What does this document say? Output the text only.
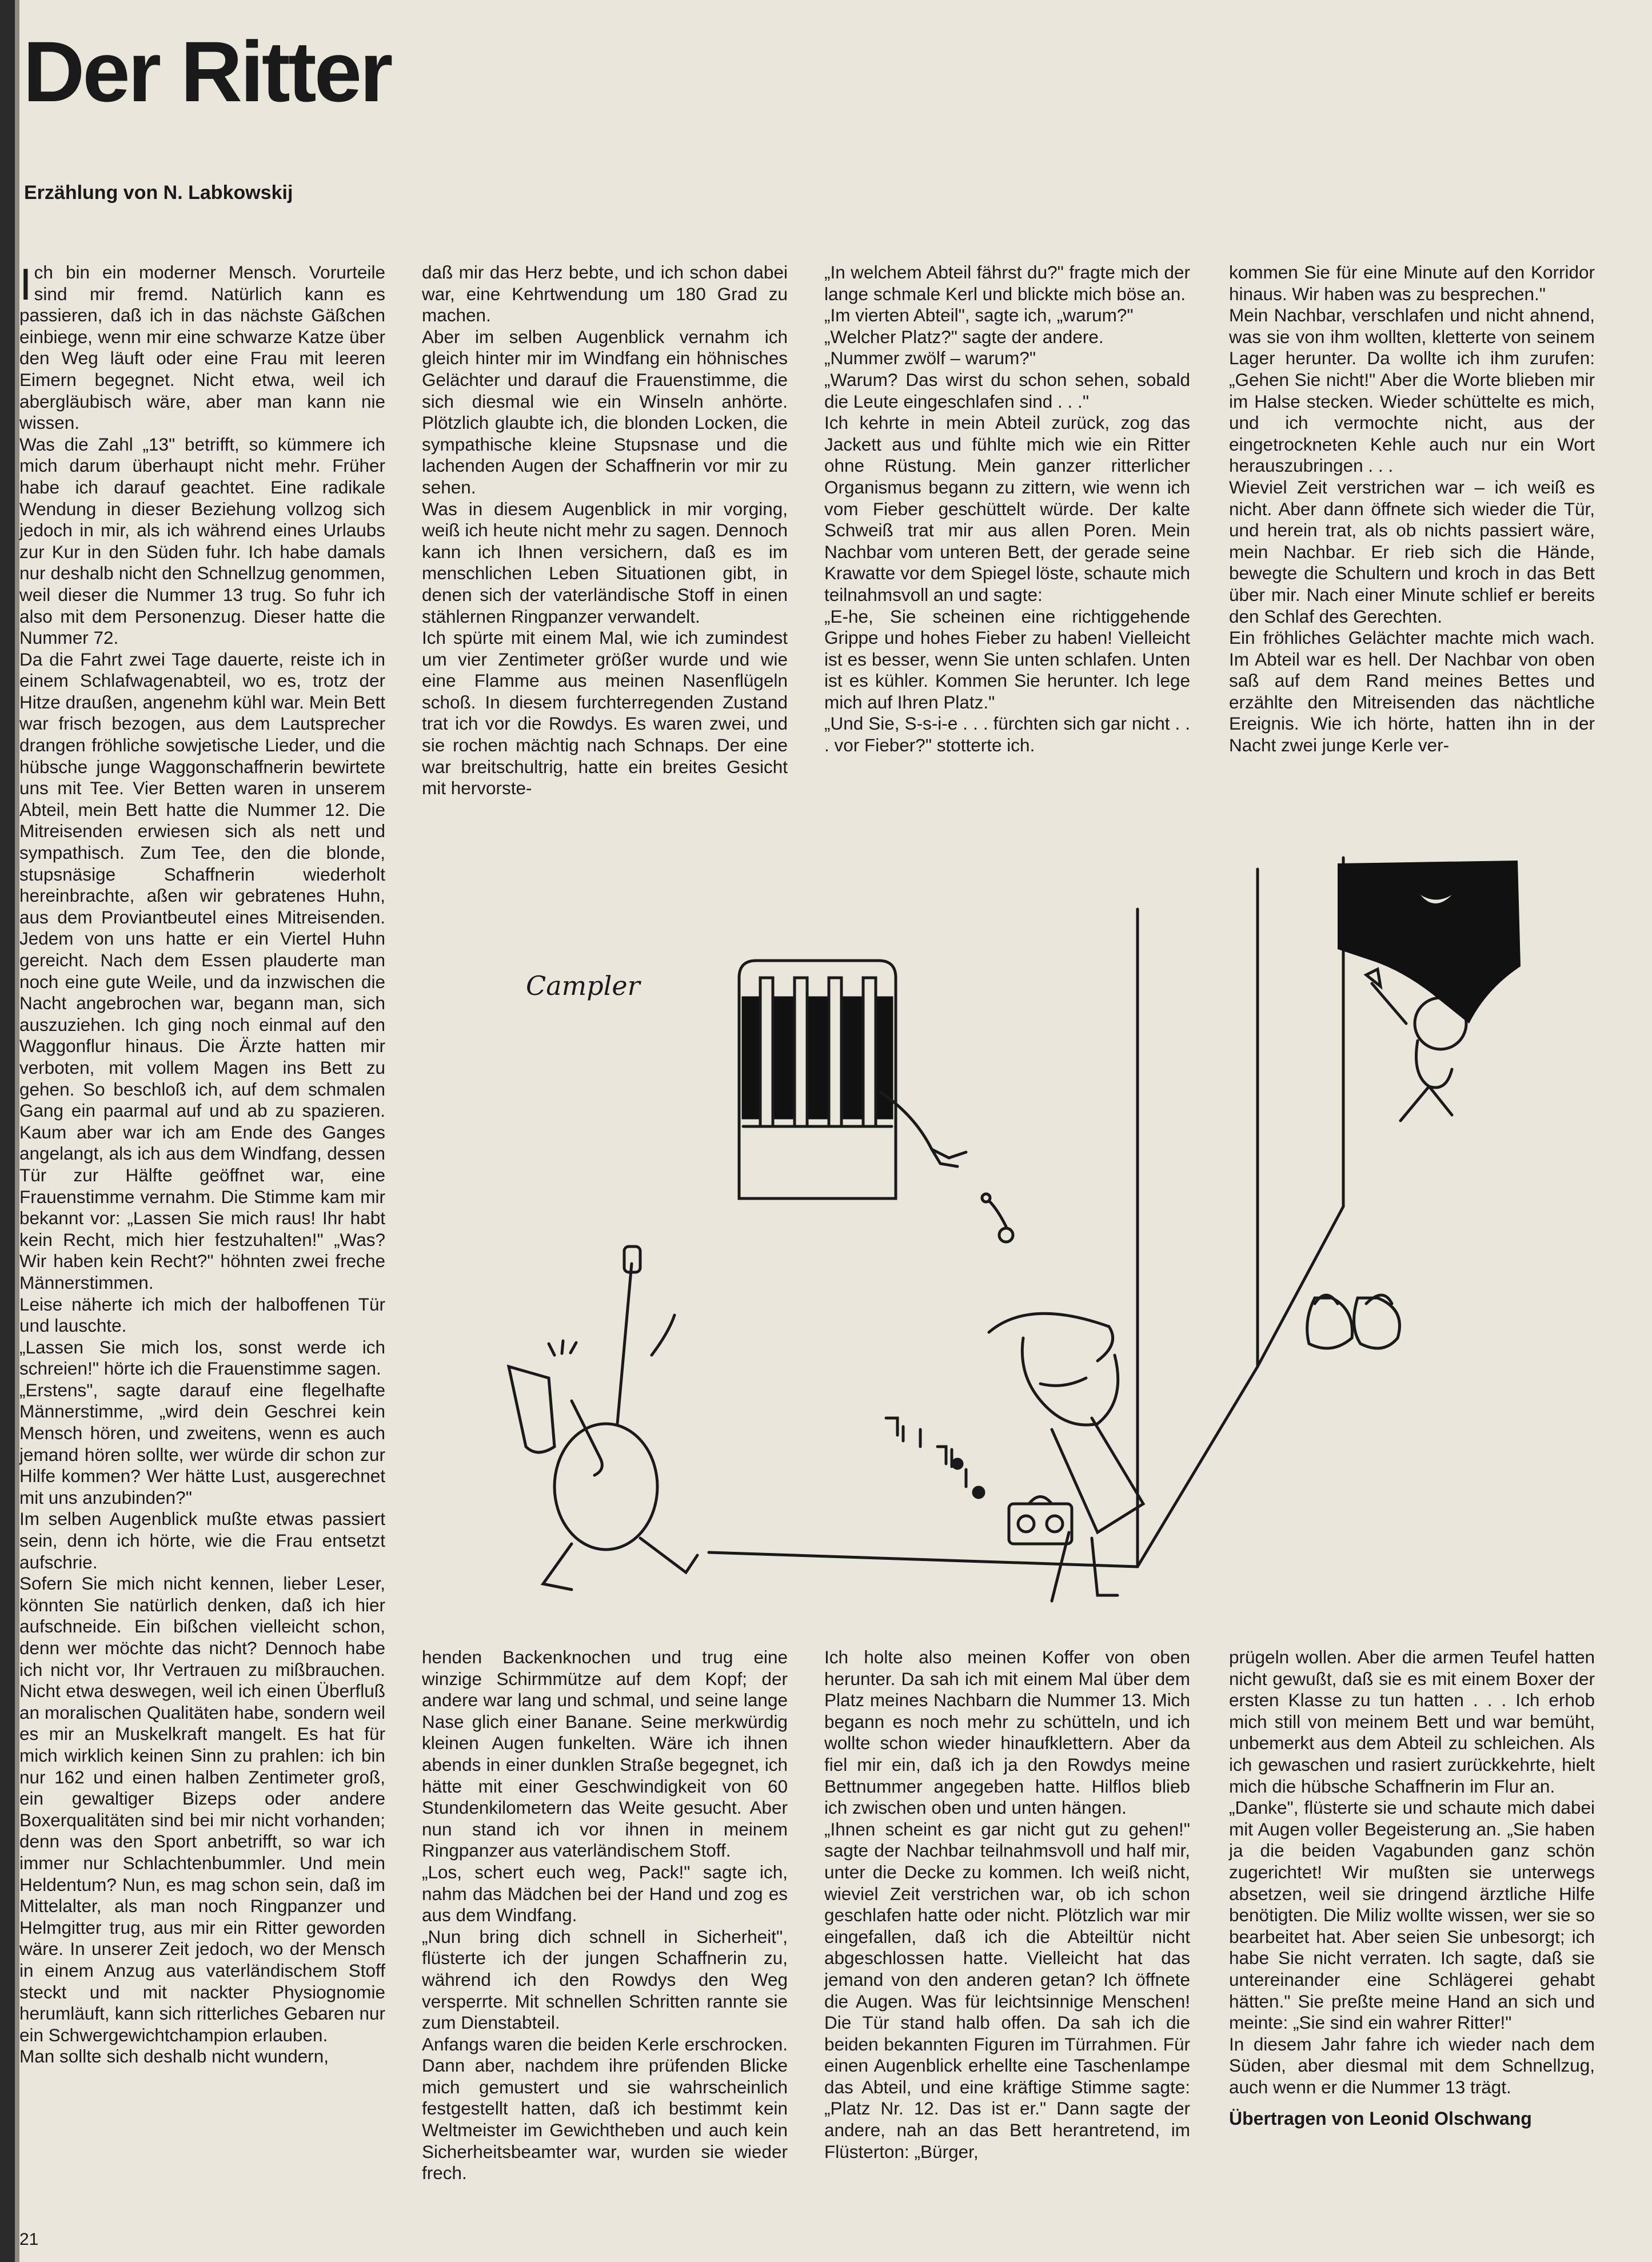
Der Ritter
Erzählung von N. Labkowskij

Ich bin ein moderner Mensch. Vorurteile sind mir fremd. Natürlich kann es passieren, daß ich in das nächste Gäßchen einbiege, wenn mir eine schwarze Katze über den Weg läuft oder eine Frau mit leeren Eimern begegnet. Nicht etwa, weil ich abergläubisch wäre, aber man kann nie wissen.

Was die Zahl „13" betrifft, so kümmere ich mich darum überhaupt nicht mehr. Früher habe ich darauf geachtet. Eine radikale Wendung in dieser Beziehung vollzog sich jedoch in mir, als ich während eines Urlaubs zur Kur in den Süden fuhr. Ich habe damals nur deshalb nicht den Schnellzug genommen, weil dieser die Nummer 13 trug. So fuhr ich also mit dem Personenzug. Dieser hatte die Nummer 72.

Da die Fahrt zwei Tage dauerte, reiste ich in einem Schlafwagenabteil, wo es, trotz der Hitze draußen, angenehm kühl war. Mein Bett war frisch bezogen, aus dem Lautsprecher drangen fröhliche sowjetische Lieder, und die hübsche junge Waggonschaffnerin bewirtete uns mit Tee. Vier Betten waren in unserem Abteil, mein Bett hatte die Nummer 12. Die Mitreisenden erwiesen sich als nett und sympathisch. Zum Tee, den die blonde, stupsnäsige Schaffnerin wiederholt hereinbrachte, aßen wir gebratenes Huhn, aus dem Proviantbeutel eines Mitreisenden. Jedem von uns hatte er ein Viertel Huhn gereicht. Nach dem Essen plauderte man noch eine gute Weile, und da inzwischen die Nacht angebrochen war, begann man, sich auszuziehen. Ich ging noch einmal auf den Waggonflur hinaus. Die Ärzte hatten mir verboten, mit vollem Magen ins Bett zu gehen. So beschloß ich, auf dem schmalen Gang ein paarmal auf und ab zu spazieren. Kaum aber war ich am Ende des Ganges angelangt, als ich aus dem Windfang, dessen Tür zur Hälfte geöffnet war, eine Frauenstimme vernahm. Die Stimme kam mir bekannt vor: „Lassen Sie mich raus! Ihr habt kein Recht, mich hier festzuhalten!" „Was? Wir haben kein Recht?" höhnten zwei freche Männerstimmen.

Leise näherte ich mich der halboffenen Tür und lauschte.

„Lassen Sie mich los, sonst werde ich schreien!" hörte ich die Frauenstimme sagen.

„Erstens", sagte darauf eine flegelhafte Männerstimme, „wird dein Geschrei kein Mensch hören, und zweitens, wenn es auch jemand hören sollte, wer würde dir schon zur Hilfe kommen? Wer hätte Lust, ausgerechnet mit uns anzubinden?"

Im selben Augenblick mußte etwas passiert sein, denn ich hörte, wie die Frau entsetzt aufschrie.

Sofern Sie mich nicht kennen, lieber Leser, könnten Sie natürlich denken, daß ich hier aufschneide. Ein bißchen vielleicht schon, denn wer möchte das nicht? Dennoch habe ich nicht vor, Ihr Vertrauen zu mißbrauchen. Nicht etwa deswegen, weil ich einen Überfluß an moralischen Qualitäten habe, sondern weil es mir an Muskelkraft mangelt. Es hat für mich wirklich keinen Sinn zu prahlen: ich bin nur 162 und einen halben Zentimeter groß, ein gewaltiger Bizeps oder andere Boxerqualitäten sind bei mir nicht vorhanden; denn was den Sport anbetrifft, so war ich immer nur Schlachtenbummler. Und mein Heldentum? Nun, es mag schon sein, daß im Mittelalter, als man noch Ringpanzer und Helmgitter trug, aus mir ein Ritter geworden wäre. In unserer Zeit jedoch, wo der Mensch in einem Anzug aus vaterländischem Stoff steckt und mit nackter Physiognomie herumläuft, kann sich ritterliches Gebaren nur ein Schwergewichtchampion erlauben.

Man sollte sich deshalb nicht wundern,

daß mir das Herz bebte, und ich schon dabei war, eine Kehrtwendung um 180 Grad zu machen.

Aber im selben Augenblick vernahm ich gleich hinter mir im Windfang ein höhnisches Gelächter und darauf die Frauenstimme, die sich diesmal wie ein Winseln anhörte. Plötzlich glaubte ich, die blonden Locken, die sympathische kleine Stupsnase und die lachenden Augen der Schaffnerin vor mir zu sehen.

Was in diesem Augenblick in mir vorging, weiß ich heute nicht mehr zu sagen. Dennoch kann ich Ihnen versichern, daß es im menschlichen Leben Situationen gibt, in denen sich der vaterländische Stoff in einen stählernen Ringpanzer verwandelt.

Ich spürte mit einem Mal, wie ich zumindest um vier Zentimeter größer wurde und wie eine Flamme aus meinen Nasenflügeln schoß. In diesem furchterregenden Zustand trat ich vor die Rowdys. Es waren zwei, und sie rochen mächtig nach Schnaps. Der eine war breitschultrig, hatte ein breites Gesicht mit hervorste-

„In welchem Abteil fährst du?" fragte mich der lange schmale Kerl und blickte mich böse an.

„Im vierten Abteil", sagte ich, „warum?"

„Welcher Platz?" sagte der andere.

„Nummer zwölf – warum?"

„Warum? Das wirst du schon sehen, sobald die Leute eingeschlafen sind . . ."

Ich kehrte in mein Abteil zurück, zog das Jackett aus und fühlte mich wie ein Ritter ohne Rüstung. Mein ganzer ritterlicher Organismus begann zu zittern, wie wenn ich vom Fieber geschüttelt würde. Der kalte Schweiß trat mir aus allen Poren. Mein Nachbar vom unteren Bett, der gerade seine Krawatte vor dem Spiegel löste, schaute mich teilnahmsvoll an und sagte:

„E-he, Sie scheinen eine richtiggehende Grippe und hohes Fieber zu haben! Vielleicht ist es besser, wenn Sie unten schlafen. Unten ist es kühler. Kommen Sie herunter. Ich lege mich auf Ihren Platz."

„Und Sie, S-s-i-e . . . fürchten sich gar nicht . . . vor Fieber?" stotterte ich.

kommen Sie für eine Minute auf den Korridor hinaus. Wir haben was zu besprechen."

Mein Nachbar, verschlafen und nicht ahnend, was sie von ihm wollten, kletterte von seinem Lager herunter. Da wollte ich ihm zurufen: „Gehen Sie nicht!" Aber die Worte blieben mir im Halse stecken. Wieder schüttelte es mich, und ich vermochte nicht, aus der eingetrockneten Kehle auch nur ein Wort herauszubringen . . .

Wieviel Zeit verstrichen war – ich weiß es nicht. Aber dann öffnete sich wieder die Tür, und herein trat, als ob nichts passiert wäre, mein Nachbar. Er rieb sich die Hände, bewegte die Schultern und kroch in das Bett über mir. Nach einer Minute schlief er bereits den Schlaf des Gerechten.

Ein fröhliches Gelächter machte mich wach. Im Abteil war es hell. Der Nachbar von oben saß auf dem Rand meines Bettes und erzählte den Mitreisenden das nächtliche Ereignis. Wie ich hörte, hatten ihn in der Nacht zwei junge Kerle ver-

Campler

henden Backenknochen und trug eine winzige Schirmmütze auf dem Kopf; der andere war lang und schmal, und seine lange Nase glich einer Banane. Seine merkwürdig kleinen Augen funkelten. Wäre ich ihnen abends in einer dunklen Straße begegnet, ich hätte mit einer Geschwindigkeit von 60 Stundenkilometern das Weite gesucht. Aber nun stand ich vor ihnen in meinem Ringpanzer aus vaterländischem Stoff.

„Los, schert euch weg, Pack!" sagte ich, nahm das Mädchen bei der Hand und zog es aus dem Windfang.

„Nun bring dich schnell in Sicherheit", flüsterte ich der jungen Schaffnerin zu, während ich den Rowdys den Weg versperrte. Mit schnellen Schritten rannte sie zum Dienstabteil.

Anfangs waren die beiden Kerle erschrocken. Dann aber, nachdem ihre prüfenden Blicke mich gemustert und sie wahrscheinlich festgestellt hatten, daß ich bestimmt kein Weltmeister im Gewichtheben und auch kein Sicherheitsbeamter war, wurden sie wieder frech.

Ich holte also meinen Koffer von oben herunter. Da sah ich mit einem Mal über dem Platz meines Nachbarn die Nummer 13. Mich begann es noch mehr zu schütteln, und ich wollte schon wieder hinaufklettern. Aber da fiel mir ein, daß ich ja den Rowdys meine Bettnummer angegeben hatte. Hilflos blieb ich zwischen oben und unten hängen.

„Ihnen scheint es gar nicht gut zu gehen!" sagte der Nachbar teilnahmsvoll und half mir, unter die Decke zu kommen. Ich weiß nicht, wieviel Zeit verstrichen war, ob ich schon geschlafen hatte oder nicht. Plötzlich war mir eingefallen, daß ich die Abteiltür nicht abgeschlossen hatte. Vielleicht hat das jemand von den anderen getan? Ich öffnete die Augen. Was für leichtsinnige Menschen! Die Tür stand halb offen. Da sah ich die beiden bekannten Figuren im Türrahmen. Für einen Augenblick erhellte eine Taschenlampe das Abteil, und eine kräftige Stimme sagte: „Platz Nr. 12. Das ist er." Dann sagte der andere, nah an das Bett herantretend, im Flüsterton: „Bürger,

prügeln wollen. Aber die armen Teufel hatten nicht gewußt, daß sie es mit einem Boxer der ersten Klasse zu tun hatten . . . Ich erhob mich still von meinem Bett und war bemüht, unbemerkt aus dem Abteil zu schleichen. Als ich gewaschen und rasiert zurückkehrte, hielt mich die hübsche Schaffnerin im Flur an.

„Danke", flüsterte sie und schaute mich dabei mit Augen voller Begeisterung an. „Sie haben ja die beiden Vagabunden ganz schön zugerichtet! Wir mußten sie unterwegs absetzen, weil sie dringend ärztliche Hilfe benötigten. Die Miliz wollte wissen, wer sie so bearbeitet hat. Aber seien Sie unbesorgt; ich habe Sie nicht verraten. Ich sagte, daß sie untereinander eine Schlägerei gehabt hätten." Sie preßte meine Hand an sich und meinte: „Sie sind ein wahrer Ritter!"

In diesem Jahr fahre ich wieder nach dem Süden, aber diesmal mit dem Schnellzug, auch wenn er die Nummer 13 trägt.

Übertragen von Leonid Olschwang

21
